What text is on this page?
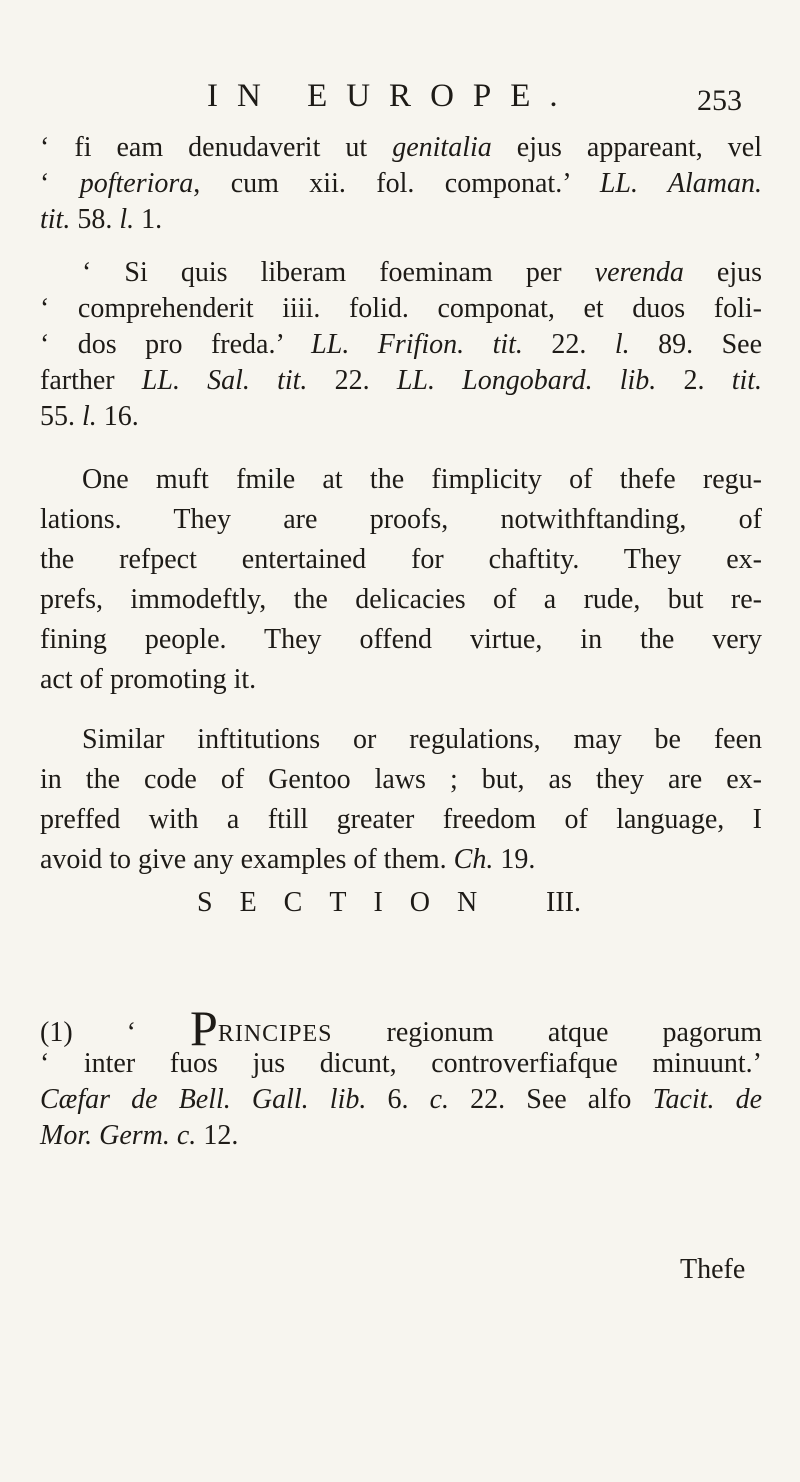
IN EUROPE.	253
‘ fi eam denudaverit ut genitalia ejus appareant, vel
‘ pofteriora, cum xii. fol. componat.’ LL. Alaman.
tit. 58. l. 1.
‘ Si quis liberam foeminam per verenda ejus
‘ comprehenderit iiii. folid. componat, et duos foli-
‘ dos pro freda.’ LL. Frifion. tit. 22. l. 89. See
farther LL. Sal. tit. 22. LL. Longobard. lib. 2. tit.
55. l. 16.
One muft fmile at the fimplicity of thefe regu-
lations. They are proofs, notwithftanding, of
the refpect entertained for chaftity. They ex-
prefs, immodeftly, the delicacies of a rude, but re-
fining people. They offend virtue, in the very
act of promoting it.
Similar inftitutions or regulations, may be feen
in the code of Gentoo laws ; but, as they are ex-
preffed with a ftill greater freedom of language, I
avoid to give any examples of them. Ch. 19.
SECTION III.
(1) ‘ PRINCIPES regionum atque pagorum
‘ inter fuos jus dicunt, controverfiafque minuunt.’
Cæfar de Bell. Gall. lib. 6. c. 22. See alfo Tacit. de
Mor. Germ. c. 12.
Thefe
